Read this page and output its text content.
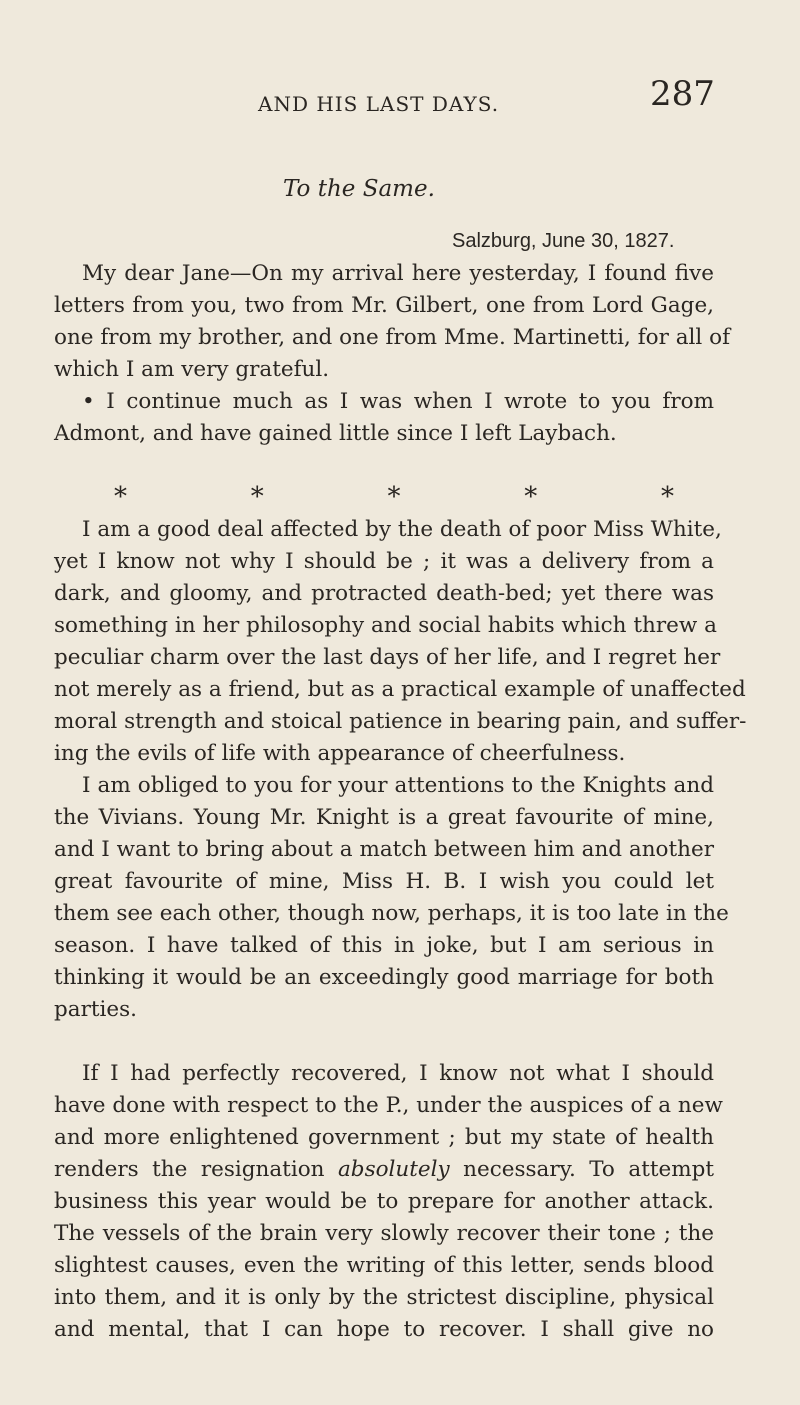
AND HIS LAST DAYS.	287
To the Same.
Salzburg, June 30, 1827.
My dear Jane—On my arrival here yesterday, I found five
letters from you, two from Mr. Gilbert, one from Lord Gage,
one from my brother, and one from Mme. Martinetti, for all of
which I am very grateful.
• I continue much as I was when I wrote to you from
Admont, and have gained little since I left Laybach.
*	*	*	*	*
I am a good deal affected by the death of poor Miss White,
yet I know not why I should be ; it was a delivery from a
dark, and gloomy, and protracted death-bed; yet there was
something in her philosophy and social habits which threw a
peculiar charm over the last days of her life, and I regret her
not merely as a friend, but as a practical example of unaffected
moral strength and stoical patience in bearing pain, and suffer-
ing the evils of life with appearance of cheerfulness.
I am obliged to you for your attentions to the Knights and
the Vivians. Young Mr. Knight is a great favourite of mine,
and I want to bring about a match between him and another
great favourite of mine, Miss H. B. I wish you could let
them see each other, though now, perhaps, it is too late in the
season. I have talked of this in joke, but I am serious in
thinking it would be an exceedingly good marriage for both
parties.
If I had perfectly recovered, I know not what I should
have done with respect to the P., under the auspices of a new
and more enlightened government ; but my state of health
renders the resignation absolutely necessary. To attempt
business this year would be to prepare for another attack.
The vessels of the brain very slowly recover their tone ; the
slightest causes, even the writing of this letter, sends blood
into them, and it is only by the strictest discipline, physical
and mental, that I can hope to recover. I shall give no
